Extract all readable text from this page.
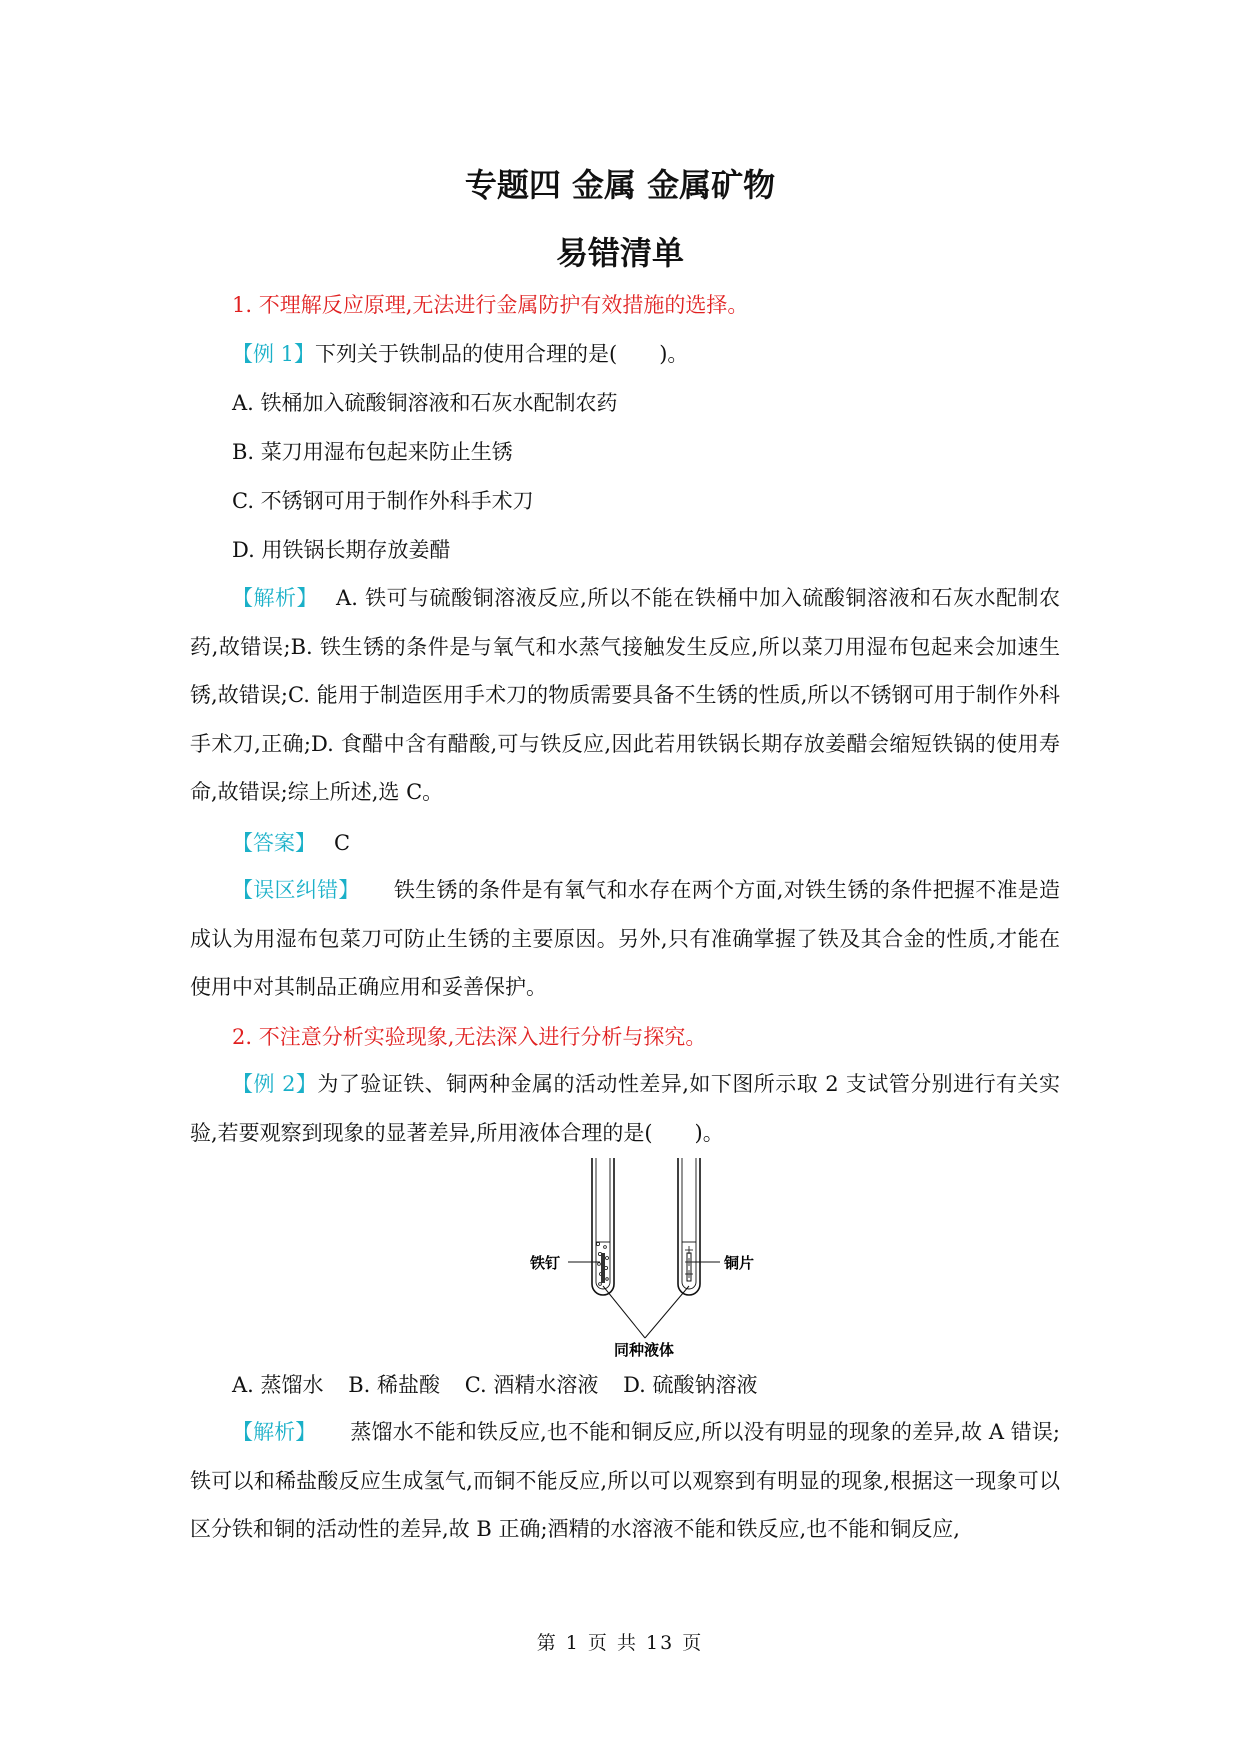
专题四 金属 金属矿物
易错清单
1. 不理解反应原理,无法进行金属防护有效措施的选择。
【例 1】下列关于铁制品的使用合理的是(　　)。
A. 铁桶加入硫酸铜溶液和石灰水配制农药
B. 菜刀用湿布包起来防止生锈
C. 不锈钢可用于制作外科手术刀
D. 用铁锅长期存放姜醋
【解析】 A. 铁可与硫酸铜溶液反应,所以不能在铁桶中加入硫酸铜溶液和石灰水配制农药,故错误;B. 铁生锈的条件是与氧气和水蒸气接触发生反应,所以菜刀用湿布包起来会加速生锈,故错误;C. 能用于制造医用手术刀的物质需要具备不生锈的性质,所以不锈钢可用于制作外科手术刀,正确;D. 食醋中含有醋酸,可与铁反应,因此若用铁锅长期存放姜醋会缩短铁锅的使用寿命,故错误;综上所述,选 C。
【答案】 C
【误区纠错】 铁生锈的条件是有氧气和水存在两个方面,对铁生锈的条件把握不准是造成认为用湿布包菜刀可防止生锈的主要原因。另外,只有准确掌握了铁及其合金的性质,才能在使用中对其制品正确应用和妥善保护。
2. 不注意分析实验现象,无法深入进行分析与探究。
【例 2】为了验证铁、铜两种金属的活动性差异,如下图所示取 2 支试管分别进行有关实验,若要观察到现象的显著差异,所用液体合理的是(　　)。
铁钉	铜片
同种液体
A. 蒸馏水 B. 稀盐酸 C. 酒精水溶液 D. 硫酸钠溶液
【解析】 蒸馏水不能和铁反应,也不能和铜反应,所以没有明显的现象的差异,故 A 错误;铁可以和稀盐酸反应生成氢气,而铜不能反应,所以可以观察到有明显的现象,根据这一现象可以区分铁和铜的活动性的差异,故 B 正确;酒精的水溶液不能和铁反应,也不能和铜反应,
第 1 页 共 13 页
